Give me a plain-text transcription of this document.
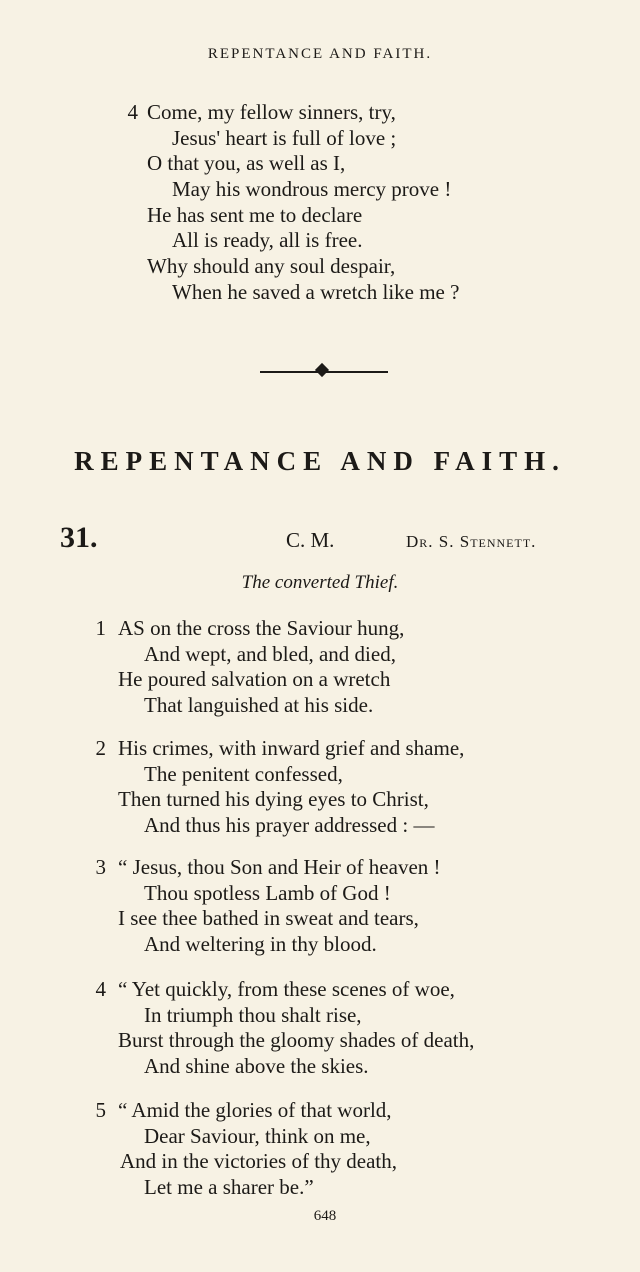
REPENTANCE AND FAITH.
4 Come, my fellow sinners, try,
Jesus' heart is full of love ;
O that you, as well as I,
May his wondrous mercy prove !
He has sent me to declare
All is ready, all is free.
Why should any soul despair,
When he saved a wretch like me ?
REPENTANCE AND FAITH.
31.	C. M.	Dr. S. Stennett.
The converted Thief.
1 AS on the cross the Saviour hung,
And wept, and bled, and died,
He poured salvation on a wretch
That languished at his side.
2 His crimes, with inward grief and shame,
The penitent confessed,
Then turned his dying eyes to Christ,
And thus his prayer addressed : —
3 “ Jesus, thou Son and Heir of heaven !
Thou spotless Lamb of God !
I see thee bathed in sweat and tears,
And weltering in thy blood.
4 “ Yet quickly, from these scenes of woe,
In triumph thou shalt rise,
Burst through the gloomy shades of death,
And shine above the skies.
5 “ Amid the glories of that world,
Dear Saviour, think on me,
And in the victories of thy death,
Let me a sharer be.”
648
